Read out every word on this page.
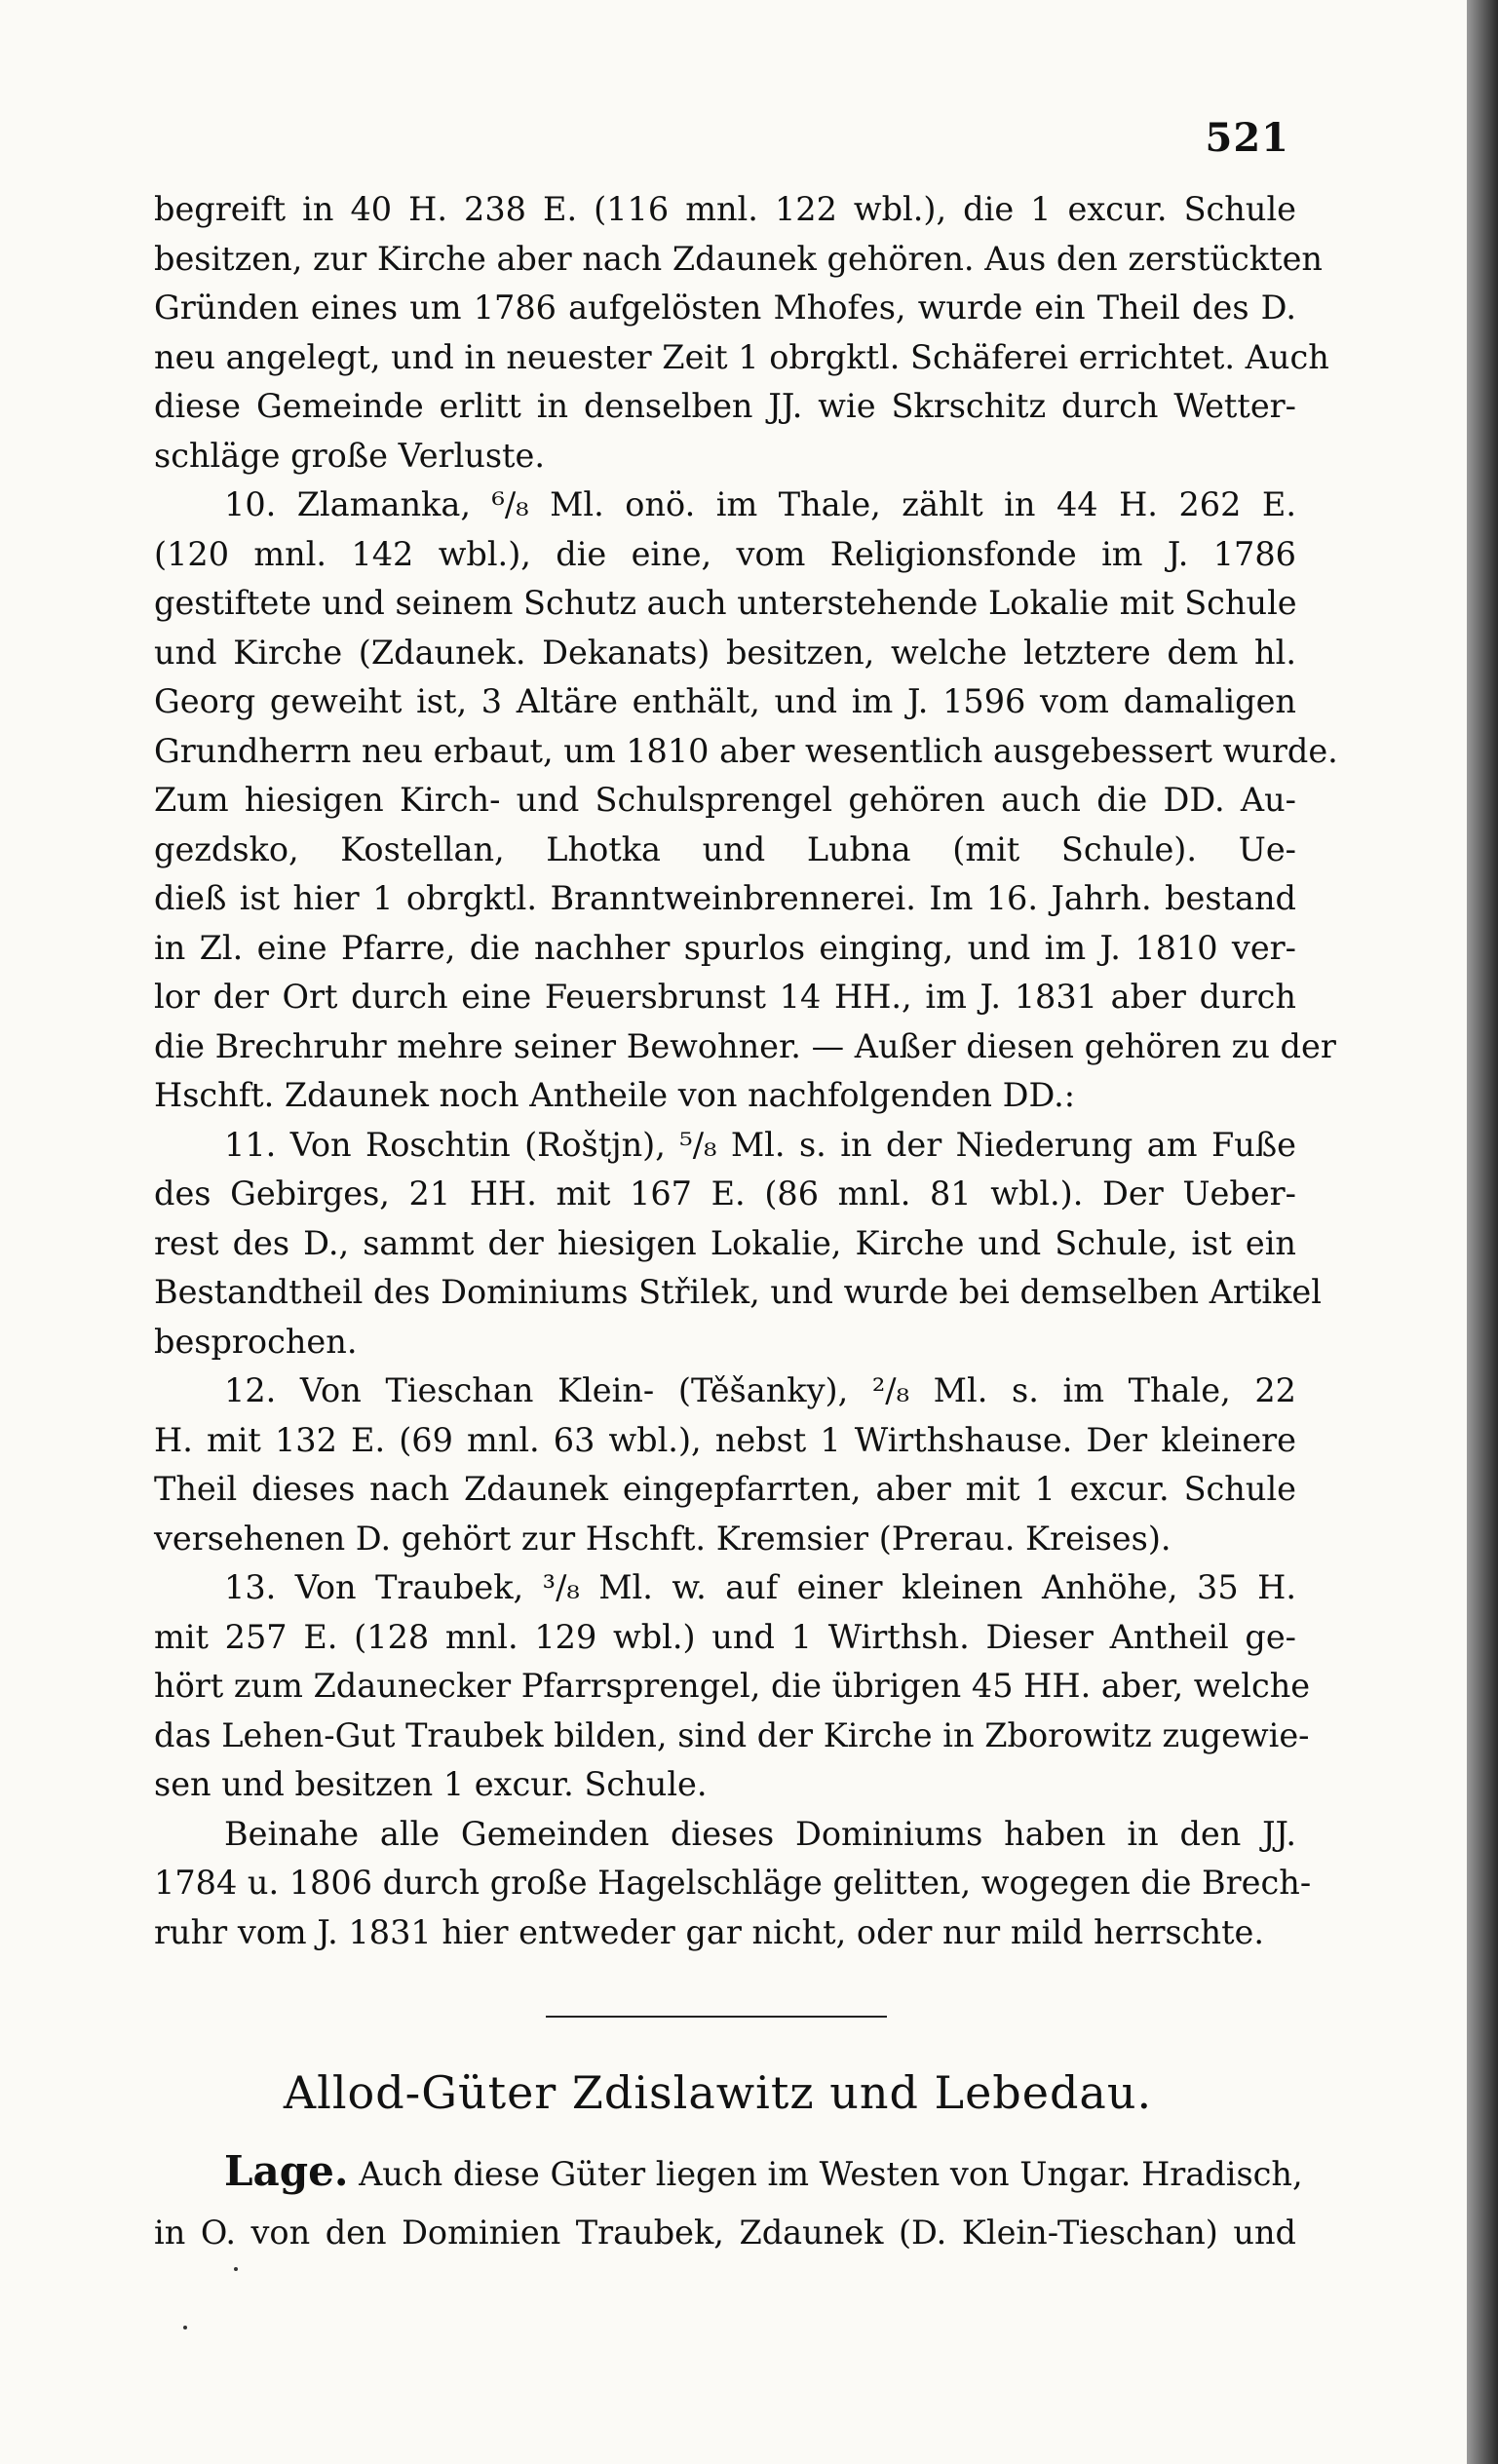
521
begreift in 40 H. 238 E. (116 mnl. 122 wbl.), die 1 excur. Schule
besitzen, zur Kirche aber nach Zdaunek gehören. Aus den zerstückten
Gründen eines um 1786 aufgelösten Mhofes, wurde ein Theil des D.
neu angelegt, und in neuester Zeit 1 obrgktl. Schäferei errichtet. Auch
diese Gemeinde erlitt in denselben JJ. wie Skrschitz durch Wetter-
schläge große Verluste.
10. Zlamanka, ⁶/₈ Ml. onö. im Thale, zählt in 44 H. 262 E.
(120 mnl. 142 wbl.), die eine, vom Religionsfonde im J. 1786
gestiftete und seinem Schutz auch unterstehende Lokalie mit Schule
und Kirche (Zdaunek. Dekanats) besitzen, welche letztere dem hl.
Georg geweiht ist, 3 Altäre enthält, und im J. 1596 vom damaligen
Grundherrn neu erbaut, um 1810 aber wesentlich ausgebessert wurde.
Zum hiesigen Kirch- und Schulsprengel gehören auch die DD. Au-
gezdsko, Kostellan, Lhotka und Lubna (mit Schule). Ue-
dieß ist hier 1 obrgktl. Branntweinbrennerei. Im 16. Jahrh. bestand
in Zl. eine Pfarre, die nachher spurlos einging, und im J. 1810 ver-
lor der Ort durch eine Feuersbrunst 14 HH., im J. 1831 aber durch
die Brechruhr mehre seiner Bewohner. — Außer diesen gehören zu der
Hschft. Zdaunek noch Antheile von nachfolgenden DD.:
11. Von Roschtin (Roštjn), ⁵/₈ Ml. s. in der Niederung am Fuße
des Gebirges, 21 HH. mit 167 E. (86 mnl. 81 wbl.). Der Ueber-
rest des D., sammt der hiesigen Lokalie, Kirche und Schule, ist ein
Bestandtheil des Dominiums Střilek, und wurde bei demselben Artikel
besprochen.
12. Von Tieschan Klein- (Těšanky), ²/₈ Ml. s. im Thale, 22
H. mit 132 E. (69 mnl. 63 wbl.), nebst 1 Wirthshause. Der kleinere
Theil dieses nach Zdaunek eingepfarrten, aber mit 1 excur. Schule
versehenen D. gehört zur Hschft. Kremsier (Prerau. Kreises).
13. Von Traubek, ³/₈ Ml. w. auf einer kleinen Anhöhe, 35 H.
mit 257 E. (128 mnl. 129 wbl.) und 1 Wirthsh. Dieser Antheil ge-
hört zum Zdaunecker Pfarrsprengel, die übrigen 45 HH. aber, welche
das Lehen-Gut Traubek bilden, sind der Kirche in Zborowitz zugewie-
sen und besitzen 1 excur. Schule.
Beinahe alle Gemeinden dieses Dominiums haben in den JJ.
1784 u. 1806 durch große Hagelschläge gelitten, wogegen die Brech-
ruhr vom J. 1831 hier entweder gar nicht, oder nur mild herrschte.
Allod-Güter Zdislawitz und Lebedau.
Lage. Auch diese Güter liegen im Westen von Ungar. Hradisch,
in O. von den Dominien Traubek, Zdaunek (D. Klein-Tieschan) und
